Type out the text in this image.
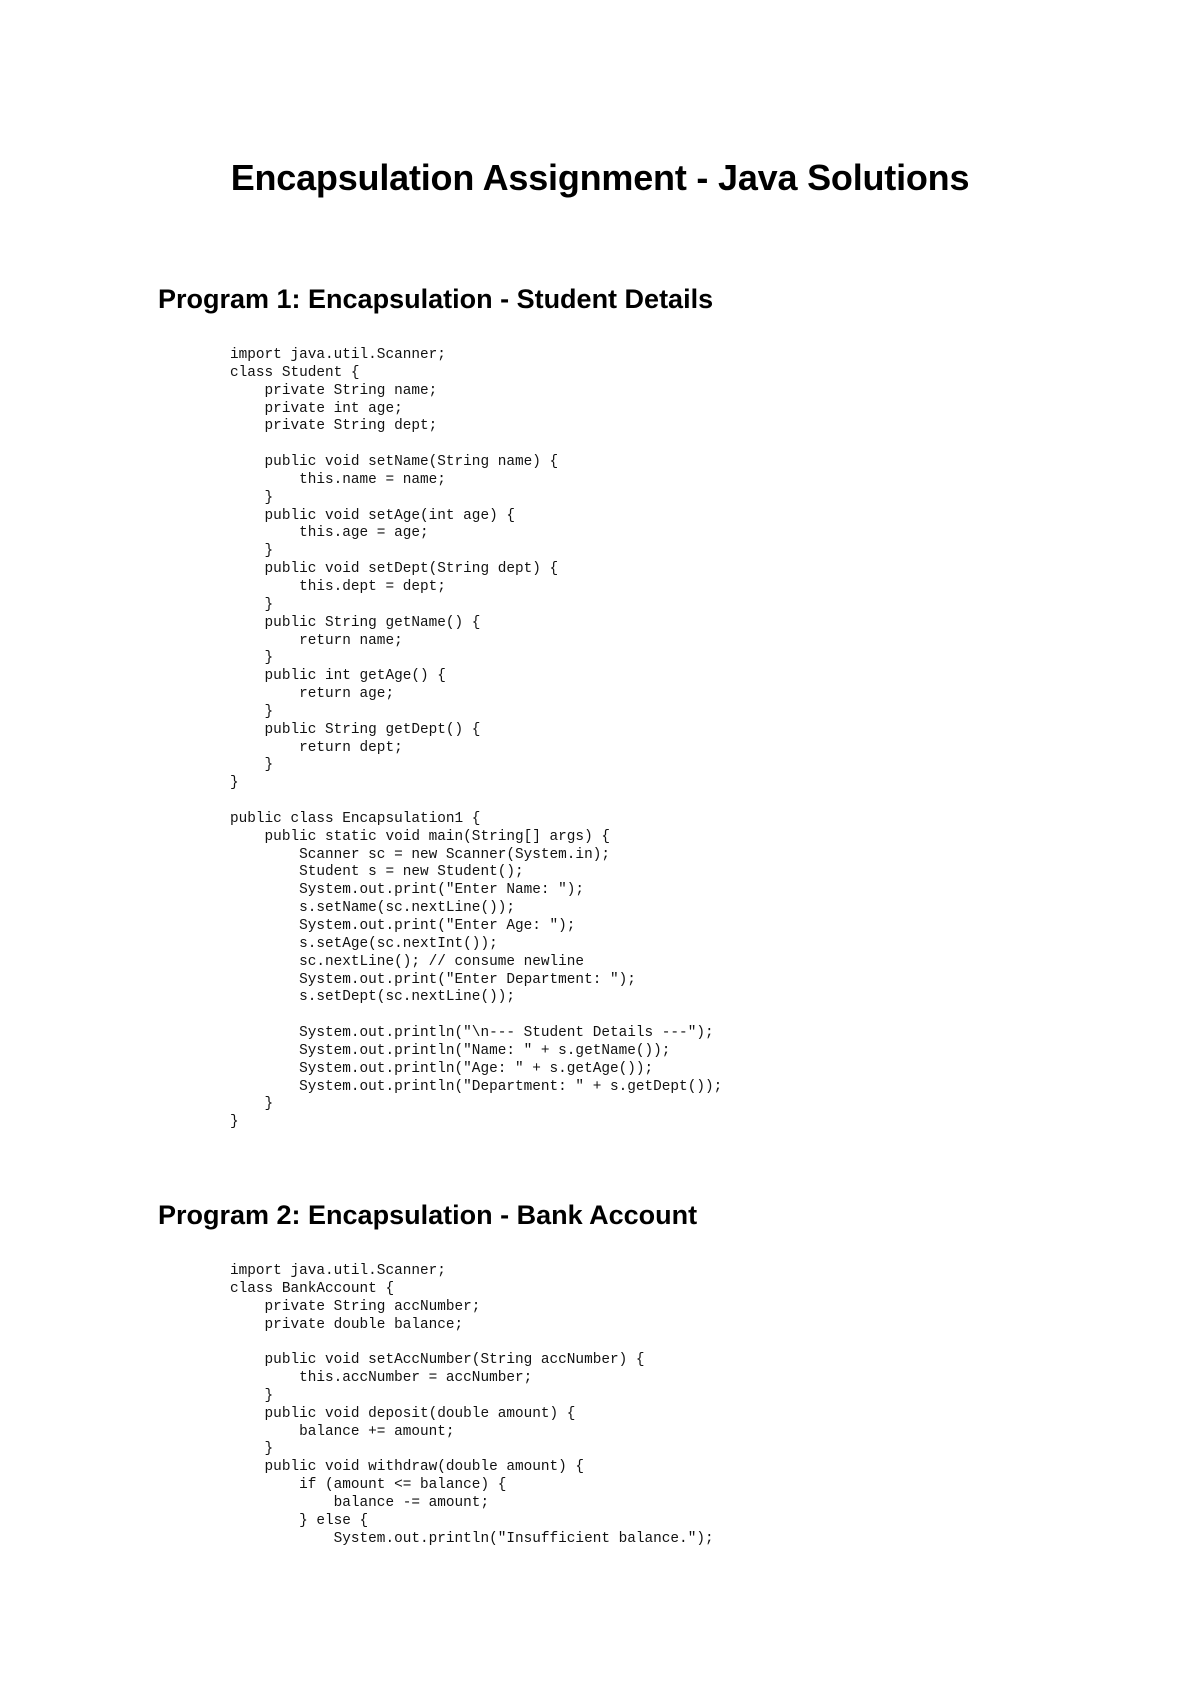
Encapsulation Assignment - Java Solutions
Program 1: Encapsulation - Student Details
import java.util.Scanner;
class Student {
private String name;
private int age;
private String dept;

public void setName(String name) {
this.name = name;
}
public void setAge(int age) {
this.age = age;
}
public void setDept(String dept) {
this.dept = dept;
}
public String getName() {
return name;
}
public int getAge() {
return age;
}
public String getDept() {
return dept;
}
}

public class Encapsulation1 {
public static void main(String[] args) {
Scanner sc = new Scanner(System.in);
Student s = new Student();
System.out.print("Enter Name: ");
s.setName(sc.nextLine());
System.out.print("Enter Age: ");
s.setAge(sc.nextInt());
sc.nextLine(); // consume newline
System.out.print("Enter Department: ");
s.setDept(sc.nextLine());

System.out.println("\n--- Student Details ---");
System.out.println("Name: " + s.getName());
System.out.println("Age: " + s.getAge());
System.out.println("Department: " + s.getDept());
}
}
Program 2: Encapsulation - Bank Account
import java.util.Scanner;
class BankAccount {
private String accNumber;
private double balance;

public void setAccNumber(String accNumber) {
this.accNumber = accNumber;
}
public void deposit(double amount) {
balance += amount;
}
public void withdraw(double amount) {
if (amount <= balance) {
balance -= amount;
} else {
System.out.println("Insufficient balance.");
